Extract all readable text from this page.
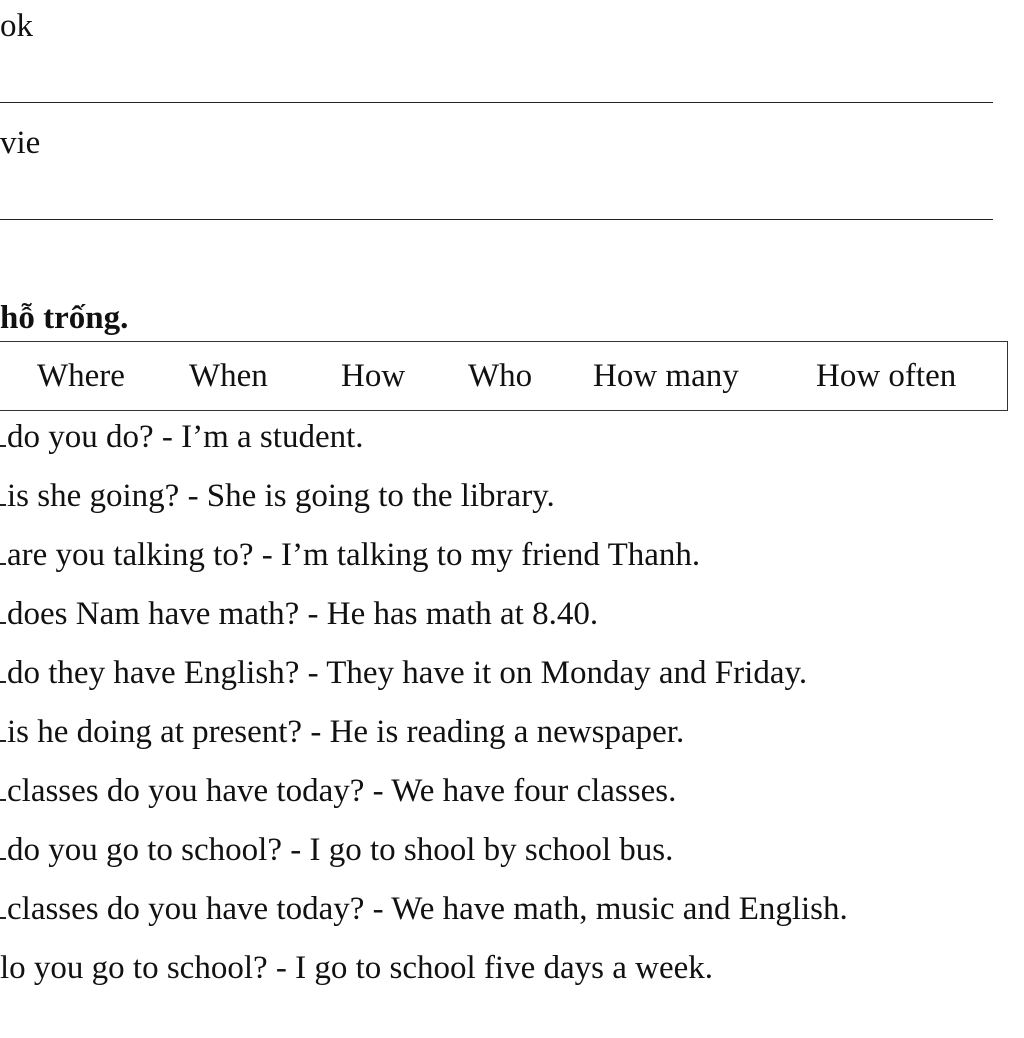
ok
vie
hỗ trống.
Where When How Who How many How often
do you do? - I’m a student.
is she going? - She is going to the library.
are you talking to? - I’m talking to my friend Thanh.
does Nam have math? - He has math at 8.40.
do they have English? - They have it on Monday and Friday.
is he doing at present? - He is reading a newspaper.
classes do you have today? - We have four classes.
do you go to school? - I go to shool by school bus.
classes do you have today? - We have math, music and English.
lo you go to school? - I go to school five days a week.
